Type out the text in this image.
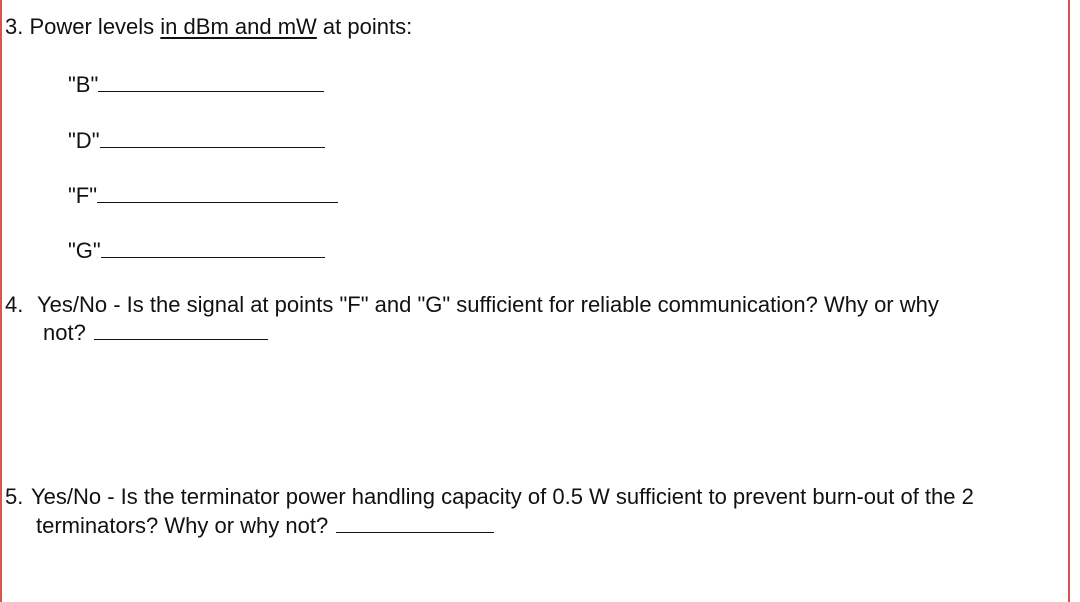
3. Power levels in dBm and mW at points:
"B"
"D"
"F"
"G"
4. Yes/No - Is the signal at points "F" and "G" sufficient for reliable communication? Why or why
not?
5. Yes/No - Is the terminator power handling capacity of 0.5 W sufficient to prevent burn-out of the 2
terminators? Why or why not?
